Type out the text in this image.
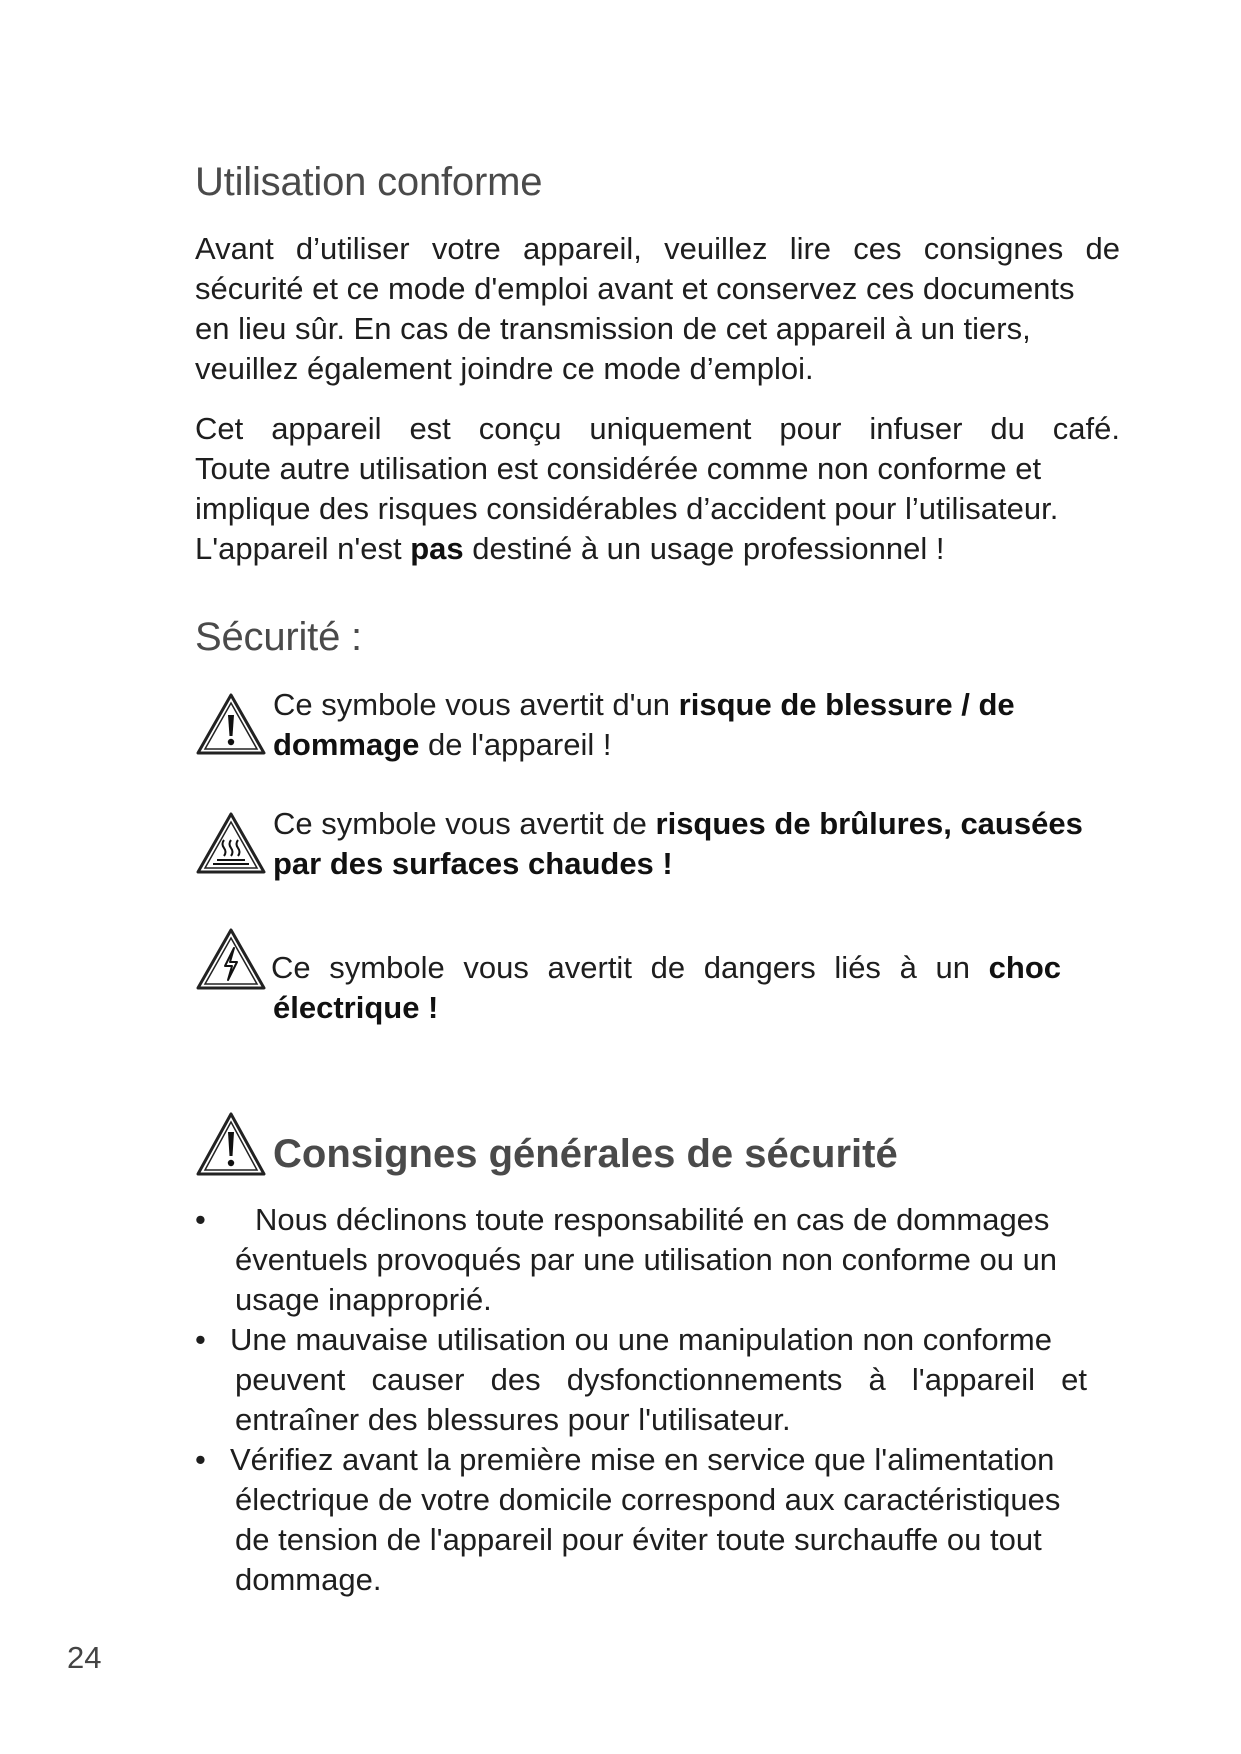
Utilisation conforme

Avant d’utiliser votre appareil, veuillez lire ces consignes de
sécurité et ce mode d'emploi avant et conservez ces documents
en lieu sûr. En cas de transmission de cet appareil à un tiers,
veuillez également joindre ce mode d’emploi.

Cet appareil est conçu uniquement pour infuser du café.
Toute autre utilisation est considérée comme non conforme et
implique des risques considérables d’accident pour l’utilisateur.
L'appareil n'est pas destiné à un usage professionnel !

Sécurité :
Ce symbole vous avertit d'un risque de blessure / de
dommage de l'appareil !
Ce symbole vous avertit de risques de brûlures, causées
par des surfaces chaudes !
Ce symbole vous avertit de dangers liés à un choc
électrique !
Consignes générales de sécurité
•	Nous déclinons toute responsabilité en cas de dommages
éventuels provoqués par une utilisation non conforme ou un
usage inapproprié.
• Une mauvaise utilisation ou une manipulation non conforme
peuvent causer des dysfonctionnements à l'appareil et
entraîner des blessures pour l'utilisateur.
• Vérifiez avant la première mise en service que l'alimentation
électrique de votre domicile correspond aux caractéristiques
de tension de l'appareil pour éviter toute surchauffe ou tout
dommage.
24
